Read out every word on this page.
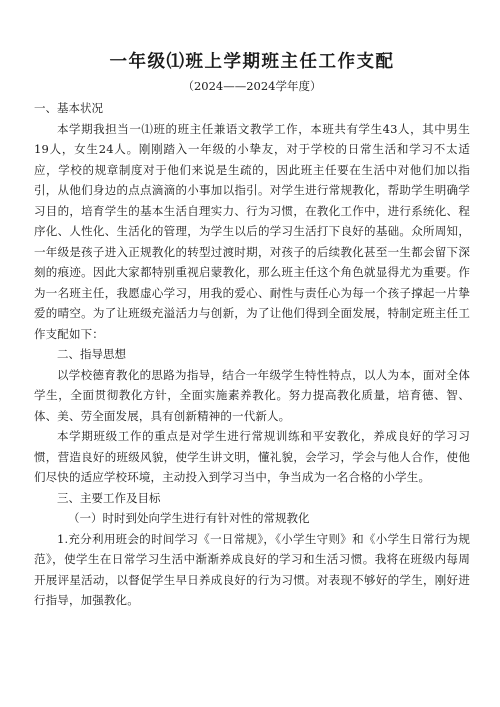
一年级⑴班上学期班主任工作支配

（2024——2024学年度）

一、基本状况

本学期我担当一⑴班的班主任兼语文教学工作，本班共有学生43人，其中男生19人，女生24人。刚刚踏入一年级的小挚友，对于学校的日常生活和学习不太适应，学校的规章制度对于他们来说是生疏的，因此班主任要在生活中对他们加以指引，从他们身边的点点滴滴的小事加以指引。对学生进行常规教化，帮助学生明确学习目的，培育学生的基本生活自理实力、行为习惯，在教化工作中，进行系统化、程序化、人性化、生活化的管理，为学生以后的学习生活打下良好的基础。众所周知，一年级是孩子进入正规教化的转型过渡时期，对孩子的后续教化甚至一生都会留下深刻的痕迹。因此大家都特别重视启蒙教化，那么班主任这个角色就显得尤为重要。作为一名班主任，我愿虚心学习，用我的爱心、耐性与责任心为每一个孩子撑起一片挚爱的晴空。为了让班级充溢活力与创新，为了让他们得到全面发展，特制定班主任工作支配如下：

二、指导思想

以学校德育教化的思路为指导，结合一年级学生特性特点，以人为本，面对全体学生，全面贯彻教化方针，全面实施素养教化。努力提高教化质量，培育德、智、体、美、劳全面发展，具有创新精神的一代新人。

本学期班级工作的重点是对学生进行常规训练和平安教化，养成良好的学习习惯，营造良好的班级风貌，使学生讲文明，懂礼貌，会学习，学会与他人合作，使他们尽快的适应学校环境，主动投入到学习当中，争当成为一名合格的小学生。

三、主要工作及目标

（一）时时到处向学生进行有针对性的常规教化

1.充分利用班会的时间学习《一日常规》，《小学生守则》和《小学生日常行为规范》，使学生在日常学习生活中渐渐养成良好的学习和生活习惯。我将在班级内每周开展评星活动，以督促学生早日养成良好的行为习惯。对表现不够好的学生，刚好进行指导，加强教化。
